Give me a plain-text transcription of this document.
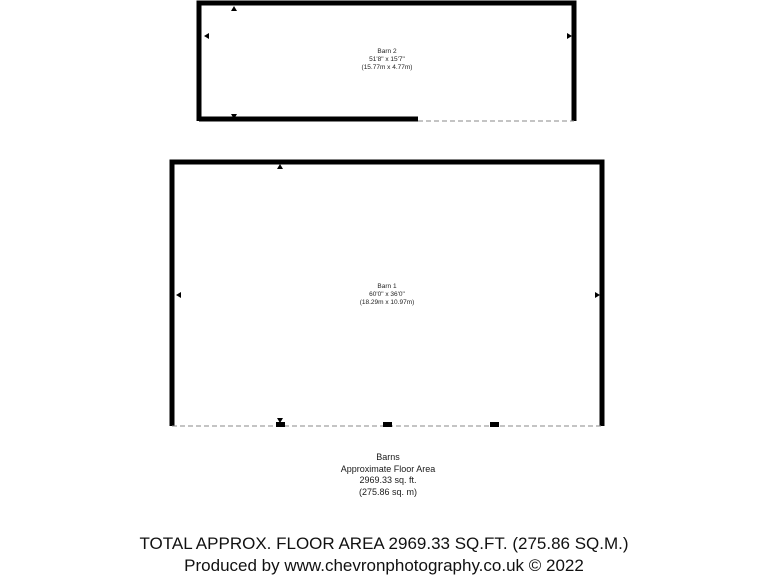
Barn 2
51'8" x 15'7"
(15.77m x 4.77m)
Barn 1
60'0" x 36'0"
(18.29m x 10.97m)
Barns
Approximate Floor Area
2969.33 sq. ft.
(275.86 sq. m)
TOTAL APPROX. FLOOR AREA 2969.33 SQ.FT. (275.86 SQ.M.)
Produced by www.chevronphotography.co.uk © 2022
